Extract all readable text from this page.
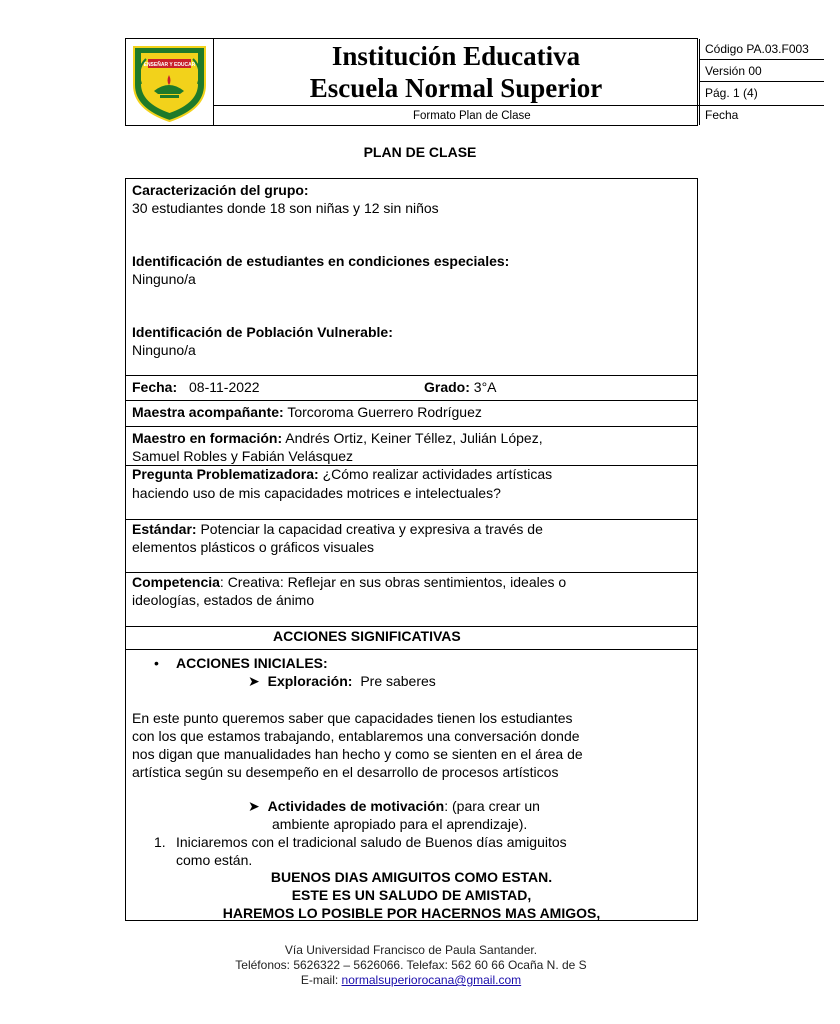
ENSEÑAR Y EDUCAR	Institución Educativa
Escuela Normal Superior
Formato Plan de Clase
Código PA.03.F003
Versión 00
Pág. 1 (4)
Fecha
PLAN DE CLASE
Caracterización del grupo:
30 estudiantes donde 18 son niñas y 12 sin niños
Identificación de estudiantes en condiciones especiales:
Ninguno/a
Identificación de Población Vulnerable:
Ninguno/a
Fecha: 08-11-2022	Grado: 3°A
Maestra acompañante: Torcoroma Guerrero Rodríguez
Maestro en formación: Andrés Ortiz, Keiner Téllez, Julián López,
Samuel Robles y Fabián Velásquez
Pregunta Problematizadora: ¿Cómo realizar actividades artísticas
haciendo uso de mis capacidades motrices e intelectuales?
Estándar: Potenciar la capacidad creativa y expresiva a través de
elementos plásticos o gráficos visuales
Competencia: Creativa: Reflejar en sus obras sentimientos, ideales o
ideologías, estados de ánimo
ACCIONES SIGNIFICATIVAS
• ACCIONES INICIALES:
➤ Exploración: Pre saberes
En este punto queremos saber que capacidades tienen los estudiantes
con los que estamos trabajando, entablaremos una conversación donde
nos digan que manualidades han hecho y como se sienten en el área de
artística según su desempeño en el desarrollo de procesos artísticos
➤ Actividades de motivación: (para crear un
ambiente apropiado para el aprendizaje).
1. Iniciaremos con el tradicional saludo de Buenos días amiguitos
como están.
BUENOS DIAS AMIGUITOS COMO ESTAN.
ESTE ES UN SALUDO DE AMISTAD,
HAREMOS LO POSIBLE POR HACERNOS MAS AMIGOS,
Vía Universidad Francisco de Paula Santander.
Teléfonos: 5626322 – 5626066. Telefax: 562 60 66 Ocaña N. de S
E-mail: normalsuperiorocana@gmail.com
